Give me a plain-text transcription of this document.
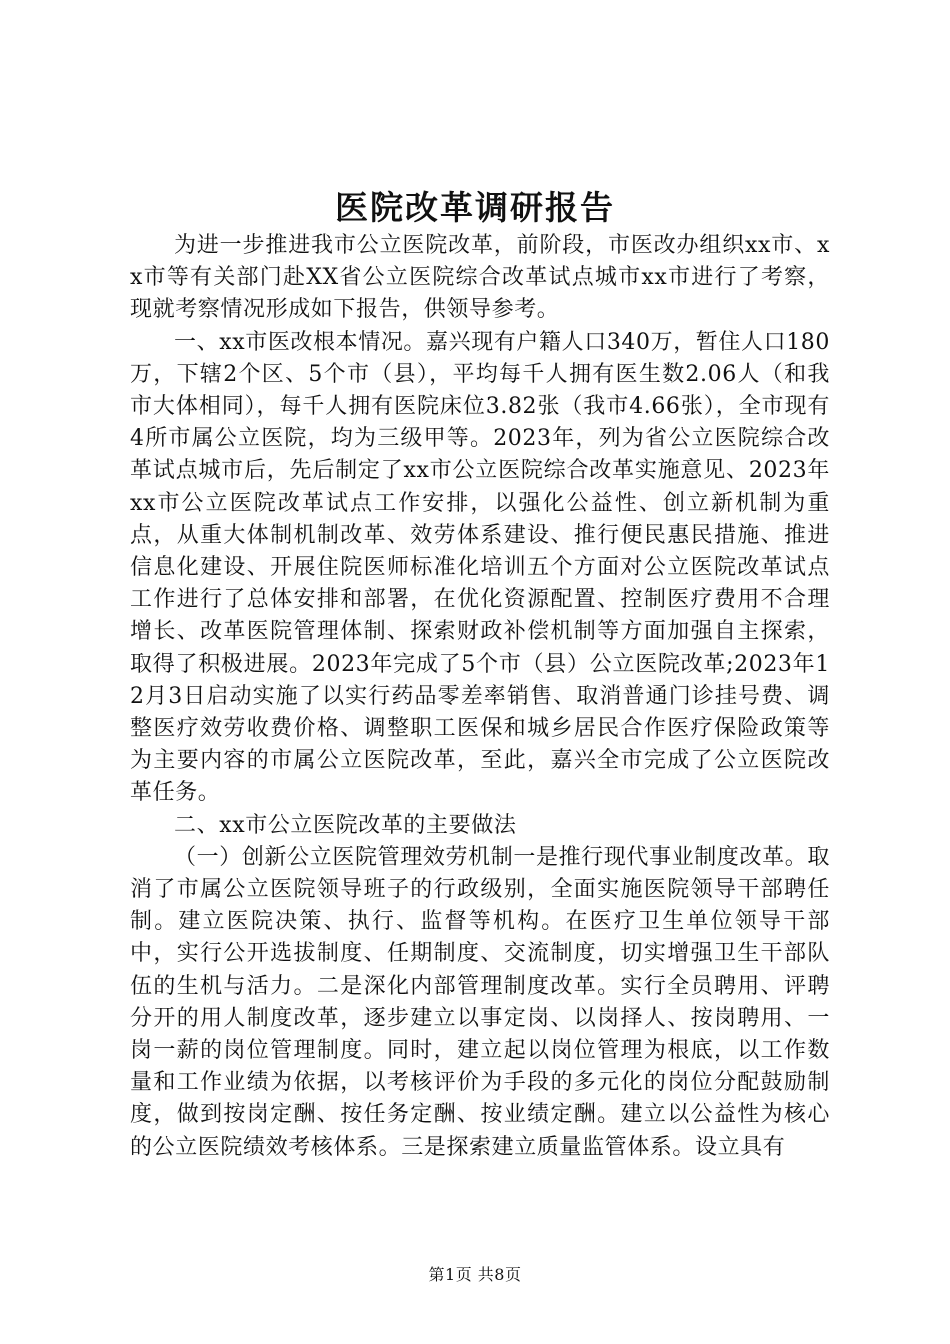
医院改革调研报告

为进一步推进我市公立医院改革，前阶段，市医改办组织xx市、xx市等有关部门赴XX省公立医院综合改革试点城市xx市进行了考察，现就考察情况形成如下报告，供领导参考。

一、xx市医改根本情况。嘉兴现有户籍人口340万，暂住人口180万，下辖2个区、5个市（县），平均每千人拥有医生数2.06人（和我市大体相同），每千人拥有医院床位3.82张（我市4.66张），全市现有4所市属公立医院，均为三级甲等。2023年，列为省公立医院综合改革试点城市后，先后制定了xx市公立医院综合改革实施意见、2023年xx市公立医院改革试点工作安排，以强化公益性、创立新机制为重点，从重大体制机制改革、效劳体系建设、推行便民惠民措施、推进信息化建设、开展住院医师标准化培训五个方面对公立医院改革试点工作进行了总体安排和部署，在优化资源配置、控制医疗费用不合理增长、改革医院管理体制、探索财政补偿机制等方面加强自主探索，取得了积极进展。2023年完成了5个市（县）公立医院改革;2023年12月3日启动实施了以实行药品零差率销售、取消普通门诊挂号费、调整医疗效劳收费价格、调整职工医保和城乡居民合作医疗保险政策等为主要内容的市属公立医院改革，至此，嘉兴全市完成了公立医院改革任务。

二、xx市公立医院改革的主要做法

（一）创新公立医院管理效劳机制一是推行现代事业制度改革。取消了市属公立医院领导班子的行政级别，全面实施医院领导干部聘任制。建立医院决策、执行、监督等机构。在医疗卫生单位领导干部中，实行公开选拔制度、任期制度、交流制度，切实增强卫生干部队伍的生机与活力。二是深化内部管理制度改革。实行全员聘用、评聘分开的用人制度改革，逐步建立以事定岗、以岗择人、按岗聘用、一岗一薪的岗位管理制度。同时，建立起以岗位管理为根底，以工作数量和工作业绩为依据，以考核评价为手段的多元化的岗位分配鼓励制度，做到按岗定酬、按任务定酬、按业绩定酬。建立以公益性为核心的公立医院绩效考核体系。三是探索建立质量监管体系。设立具有

第1页 共8页
